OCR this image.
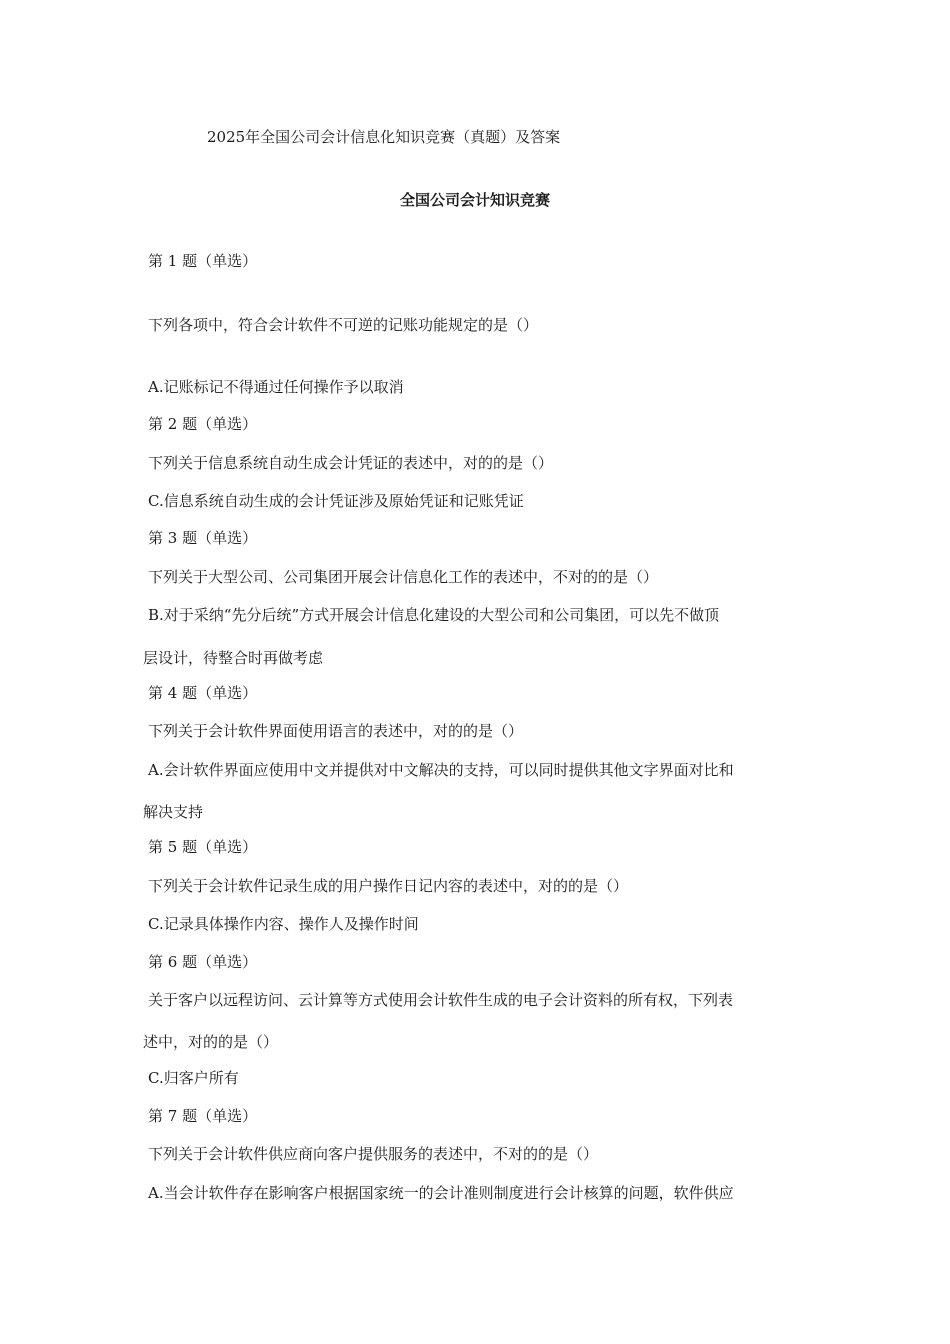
2025年全国公司会计信息化知识竞赛（真题）及答案
全国公司会计知识竞赛
第 1 题（单选）
下列各项中，符合会计软件不可逆的记账功能规定的是（）
A.记账标记不得通过任何操作予以取消
第 2 题（单选）
下列关于信息系统自动生成会计凭证的表述中，对的的是（）
C.信息系统自动生成的会计凭证涉及原始凭证和记账凭证
第 3 题（单选）
下列关于大型公司、公司集团开展会计信息化工作的表述中，不对的的是（）
B.对于采纳“先分后统”方式开展会计信息化建设的大型公司和公司集团，可以先不做顶
层设计，待整合时再做考虑
第 4 题（单选）
下列关于会计软件界面使用语言的表述中，对的的是（）
A.会计软件界面应使用中文并提供对中文解决的支持，可以同时提供其他文字界面对比和
解决支持
第 5 题（单选）
下列关于会计软件记录生成的用户操作日记内容的表述中，对的的是（）
C.记录具体操作内容、操作人及操作时间
第 6 题（单选）
关于客户以远程访问、云计算等方式使用会计软件生成的电子会计资料的所有权，下列表
述中，对的的是（）
C.归客户所有
第 7 题（单选）
下列关于会计软件供应商向客户提供服务的表述中，不对的的是（）
A.当会计软件存在影响客户根据国家统一的会计准则制度进行会计核算的问题，软件供应
